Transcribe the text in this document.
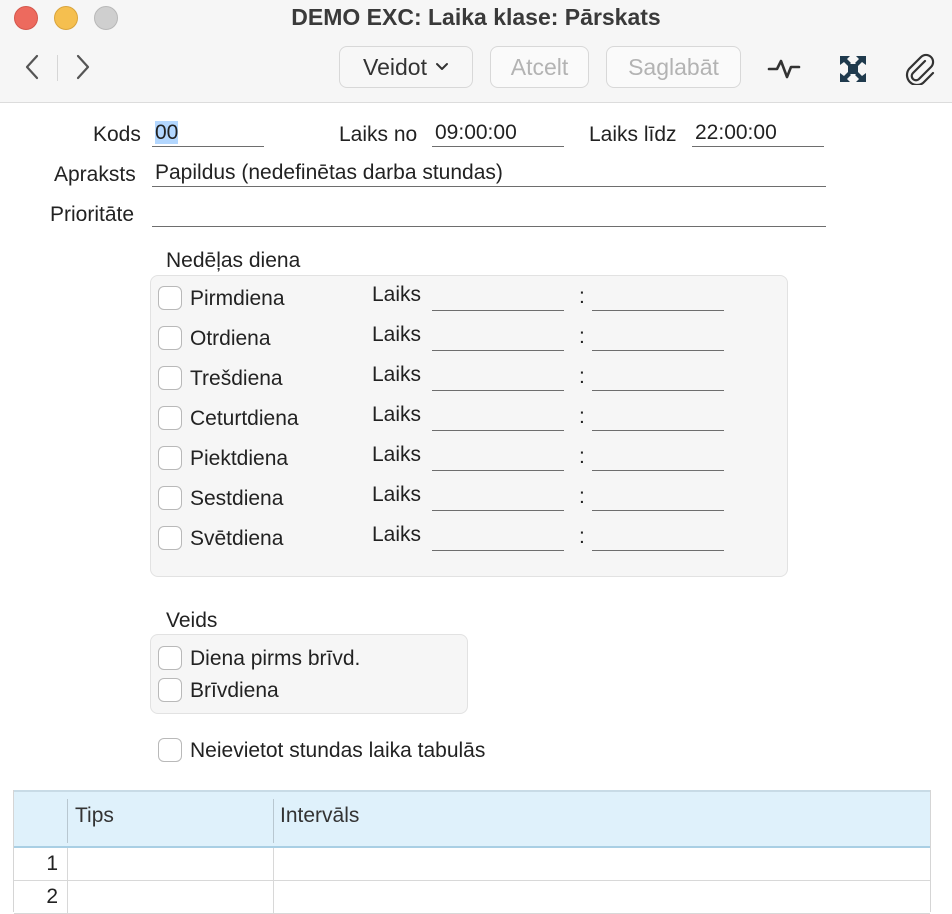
DEMO EXC: Laika klase: Pārskats
Veidot	Atcelt	Saglabāt
Kods 00	Laiks no 09:00:00	Laiks līdz 22:00:00
Apraksts Papildus (nedefinētas darba stundas)
Prioritāte
Nedēļas diena
Pirmdiena	Laiks	:
Otrdiena	Laiks	:
Trešdiena	Laiks	:
Ceturtdiena	Laiks	:
Piektdiena	Laiks	:
Sestdiena	Laiks	:
Svētdiena	Laiks	:
Veids
Diena pirms brīvd.
Brīvdiena
Neievietot stundas laika tabulās
Tips	Intervāls
1
2
